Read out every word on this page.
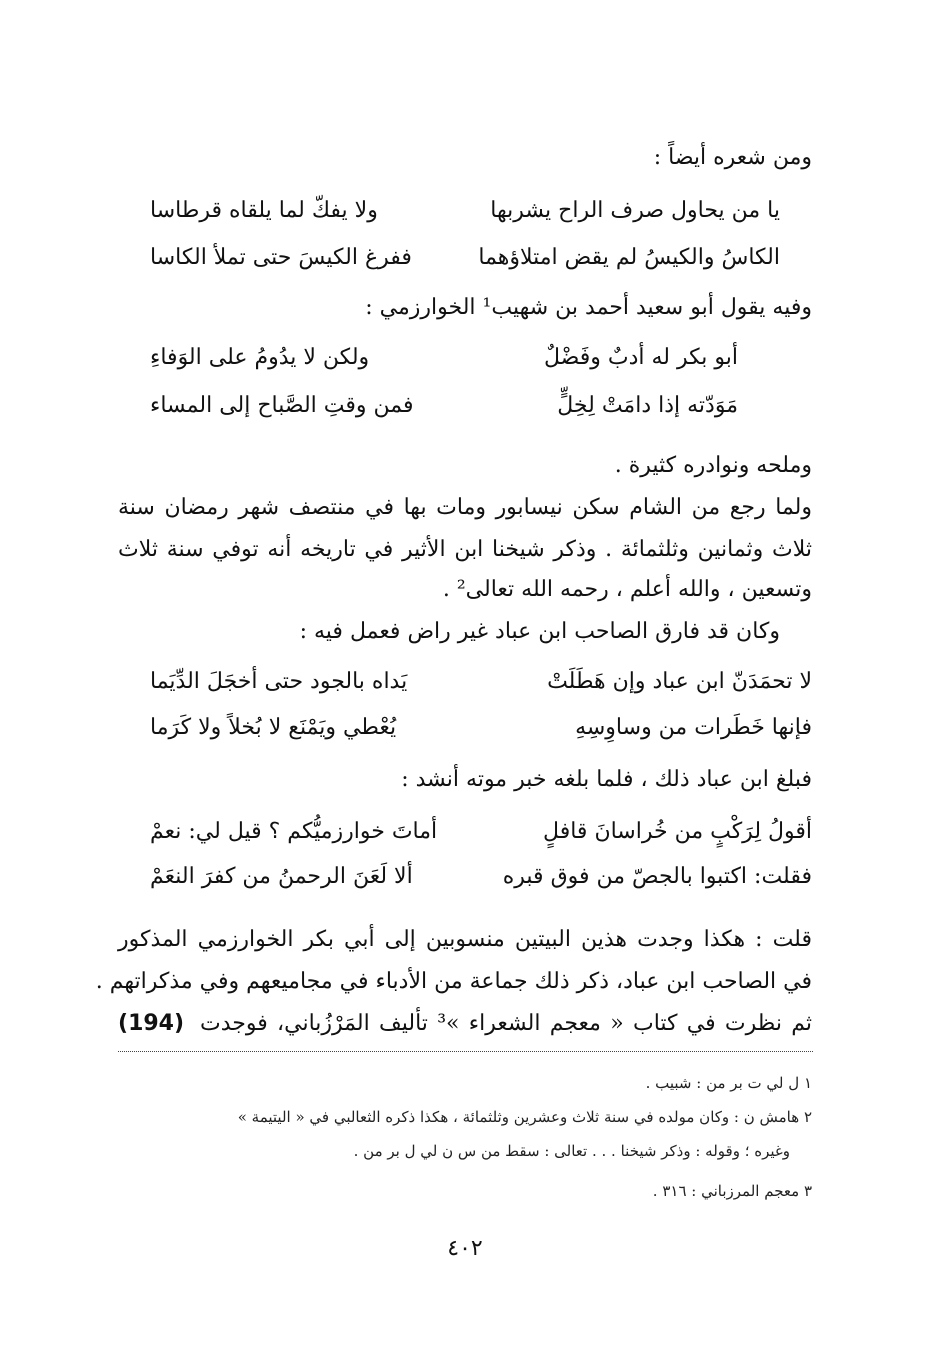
ومن شعره أيضاً :
يا من يحاول صرف الراح يشربها
ولا يفكّ لما يلقاه قرطاسا
الكاسُ والكيسُ لم يقض امتلاؤهما
ففرغ الكيسَ حتى تملأ الكاسا
وفيه يقول أبو سعيد أحمد بن شهيب¹ الخوارزمي :
أبو بكر له أدبٌ وفَضْلٌ
ولكن لا يدُومُ على الوَفاءِ
مَوَدّته إذا دامَتْ لِخِلٍّ
فمن وقتِ الصَّباح إلى المساء
وملحه ونوادره كثيرة .
ولما رجع من الشام سكن نيسابور ومات بها في منتصف شهر رمضان سنة
ثلاث وثمانين وثلثمائة . وذكر شيخنا ابن الأثير في تاريخه أنه توفي سنة ثلاث
وتسعين ، والله أعلم ، رحمه الله تعالى² .
وكان قد فارق الصاحب ابن عباد غير راض فعمل فيه :
لا تحمَدَنّ ابن عباد وإن هَطَلَتْ
يَداه بالجود حتى أخجَلَ الدِّيَما
فإنها خَطَرات من وساوِسِهِ
يُعْطي ويَمْنَع لا بُخلاً ولا كَرَما
فبلغ ابن عباد ذلك ، فلما بلغه خبر موته أنشد :
أقولُ لِرَكْبٍ من خُراسانَ قافلٍ
أماتَ خوارزميُّكم ؟ قيل لي: نعمْ
فقلت: اكتبوا بالجصّ من فوق قبره
ألا لَعَنَ الرحمنُ من كفرَ النعَمْ
قلت : هكذا وجدت هذين البيتين منسوبين إلى أبي بكر الخوارزمي المذكور
في الصاحب ابن عباد، ذكر ذلك جماعة من الأدباء في مجاميعهم وفي مذكراتهم .
ثم نظرت في كتاب « معجم الشعراء »³ تأليف المَرْزُباني، فوجدت
(194)
١ ل لي ت بر من : شبيب .
٢ هامش ن : وكان مولده في سنة ثلاث وعشرين وثلثمائة ، هكذا ذكره الثعالبي في « اليتيمة »
وغيره ؛ وقوله : وذكر شيخنا . . . تعالى : سقط من س ن لي ل بر من .
٣ معجم المرزباني : ٣١٦ .
٤٠٢
